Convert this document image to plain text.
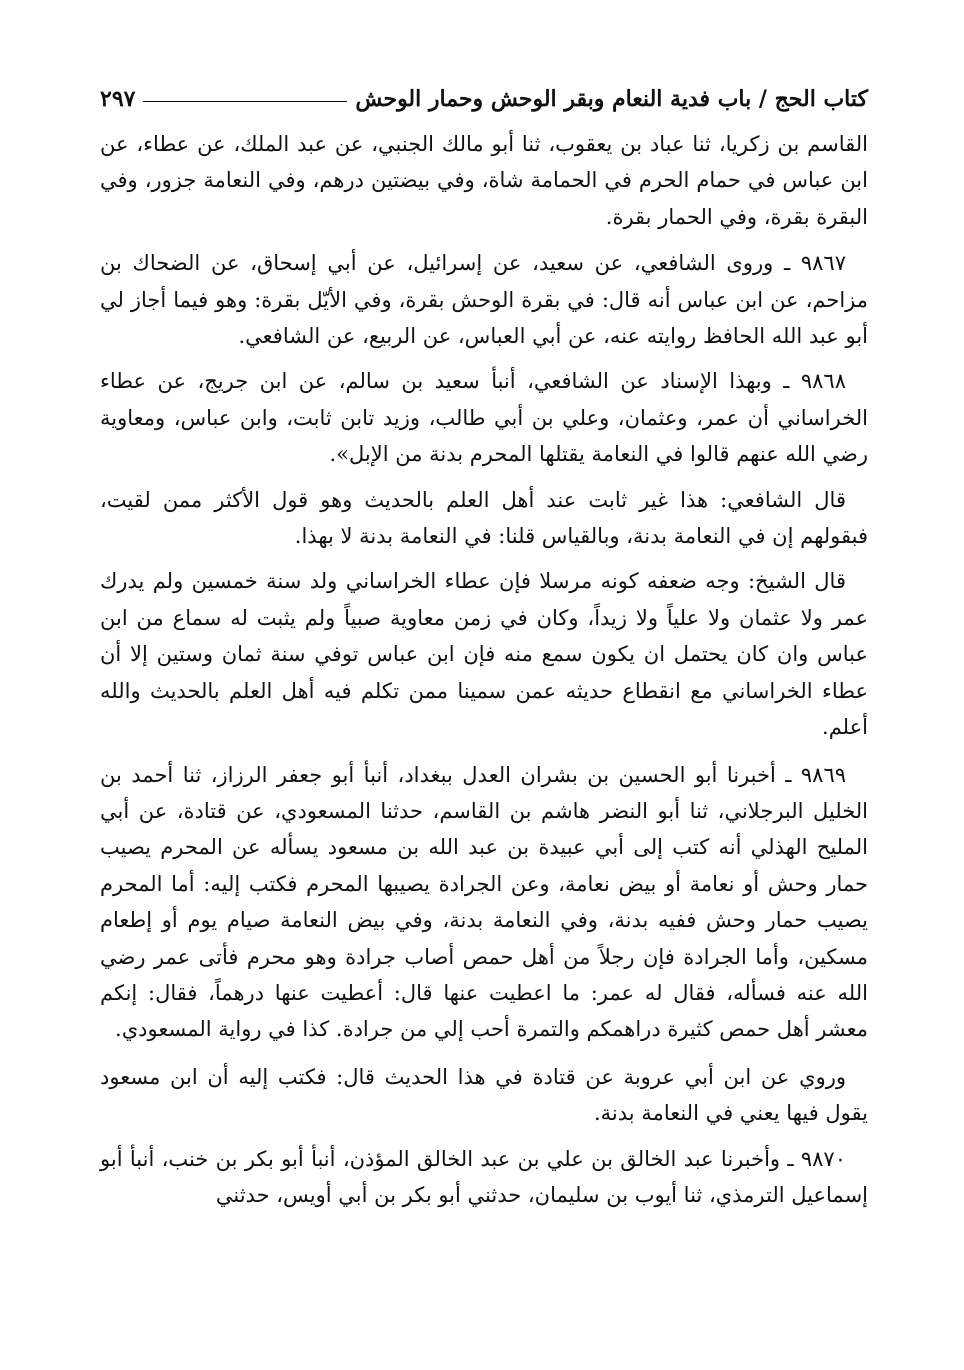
كتاب الحج / باب فدية النعام وبقر الوحش وحمار الوحش
٢٩٧

القاسم بن زكريا، ثنا عباد بن يعقوب، ثنا أبو مالك الجنبي، عن عبد الملك، عن عطاء، عن ابن عباس في حمام الحرم في الحمامة شاة، وفي بيضتين درهم، وفي النعامة جزور، وفي البقرة بقرة، وفي الحمار بقرة.

٩٨٦٧ ـ وروى الشافعي، عن سعيد، عن إسرائيل، عن أبي إسحاق، عن الضحاك بن مزاحم، عن ابن عباس أنه قال: في بقرة الوحش بقرة، وفي الأيّل بقرة: وهو فيما أجاز لي أبو عبد الله الحافظ روايته عنه، عن أبي العباس، عن الربيع، عن الشافعي.

٩٨٦٨ ـ وبهذا الإسناد عن الشافعي، أنبأ سعيد بن سالم، عن ابن جريج، عن عطاء الخراساني أن عمر، وعثمان، وعلي بن أبي طالب، وزيد تابن ثابت، وابن عباس، ومعاوية رضي الله عنهم قالوا في النعامة يقتلها المحرم بدنة من الإبل».

قال الشافعي: هذا غير ثابت عند أهل العلم بالحديث وهو قول الأكثر ممن لقيت، فبقولهم إن في النعامة بدنة، وبالقياس قلنا: في النعامة بدنة لا بهذا.

قال الشيخ: وجه ضعفه كونه مرسلا فإن عطاء الخراساني ولد سنة خمسين ولم يدرك عمر ولا عثمان ولا علياً ولا زيداً، وكان في زمن معاوية صبياً ولم يثبت له سماع من ابن عباس وان كان يحتمل ان يكون سمع منه فإن ابن عباس توفي سنة ثمان وستين إلا أن عطاء الخراساني مع انقطاع حديثه عمن سمينا ممن تكلم فيه أهل العلم بالحديث والله أعلم.

٩٨٦٩ ـ أخبرنا أبو الحسين بن بشران العدل ببغداد، أنبأ أبو جعفر الرزاز، ثنا أحمد بن الخليل البرجلاني، ثنا أبو النضر هاشم بن القاسم، حدثنا المسعودي، عن قتادة، عن أبي المليح الهذلي أنه كتب إلى أبي عبيدة بن عبد الله بن مسعود يسأله عن المحرم يصيب حمار وحش أو نعامة أو بيض نعامة، وعن الجرادة يصيبها المحرم فكتب إليه: أما المحرم يصيب حمار وحش ففيه بدنة، وفي النعامة بدنة، وفي بيض النعامة صيام يوم أو إطعام مسكين، وأما الجرادة فإن رجلاً من أهل حمص أصاب جرادة وهو محرم فأتى عمر رضي الله عنه فسأله، فقال له عمر: ما اعطيت عنها قال: أعطيت عنها درهماً، فقال: إنكم معشر أهل حمص كثيرة دراهمكم والتمرة أحب إلي من جرادة. كذا في رواية المسعودي.

وروي عن ابن أبي عروبة عن قتادة في هذا الحديث قال: فكتب إليه أن ابن مسعود يقول فيها يعني في النعامة بدنة.

٩٨٧٠ ـ وأخبرنا عبد الخالق بن علي بن عبد الخالق المؤذن، أنبأ أبو بكر بن خنب، أنبأ أبو إسماعيل الترمذي، ثنا أيوب بن سليمان، حدثني أبو بكر بن أبي أويس، حدثني
